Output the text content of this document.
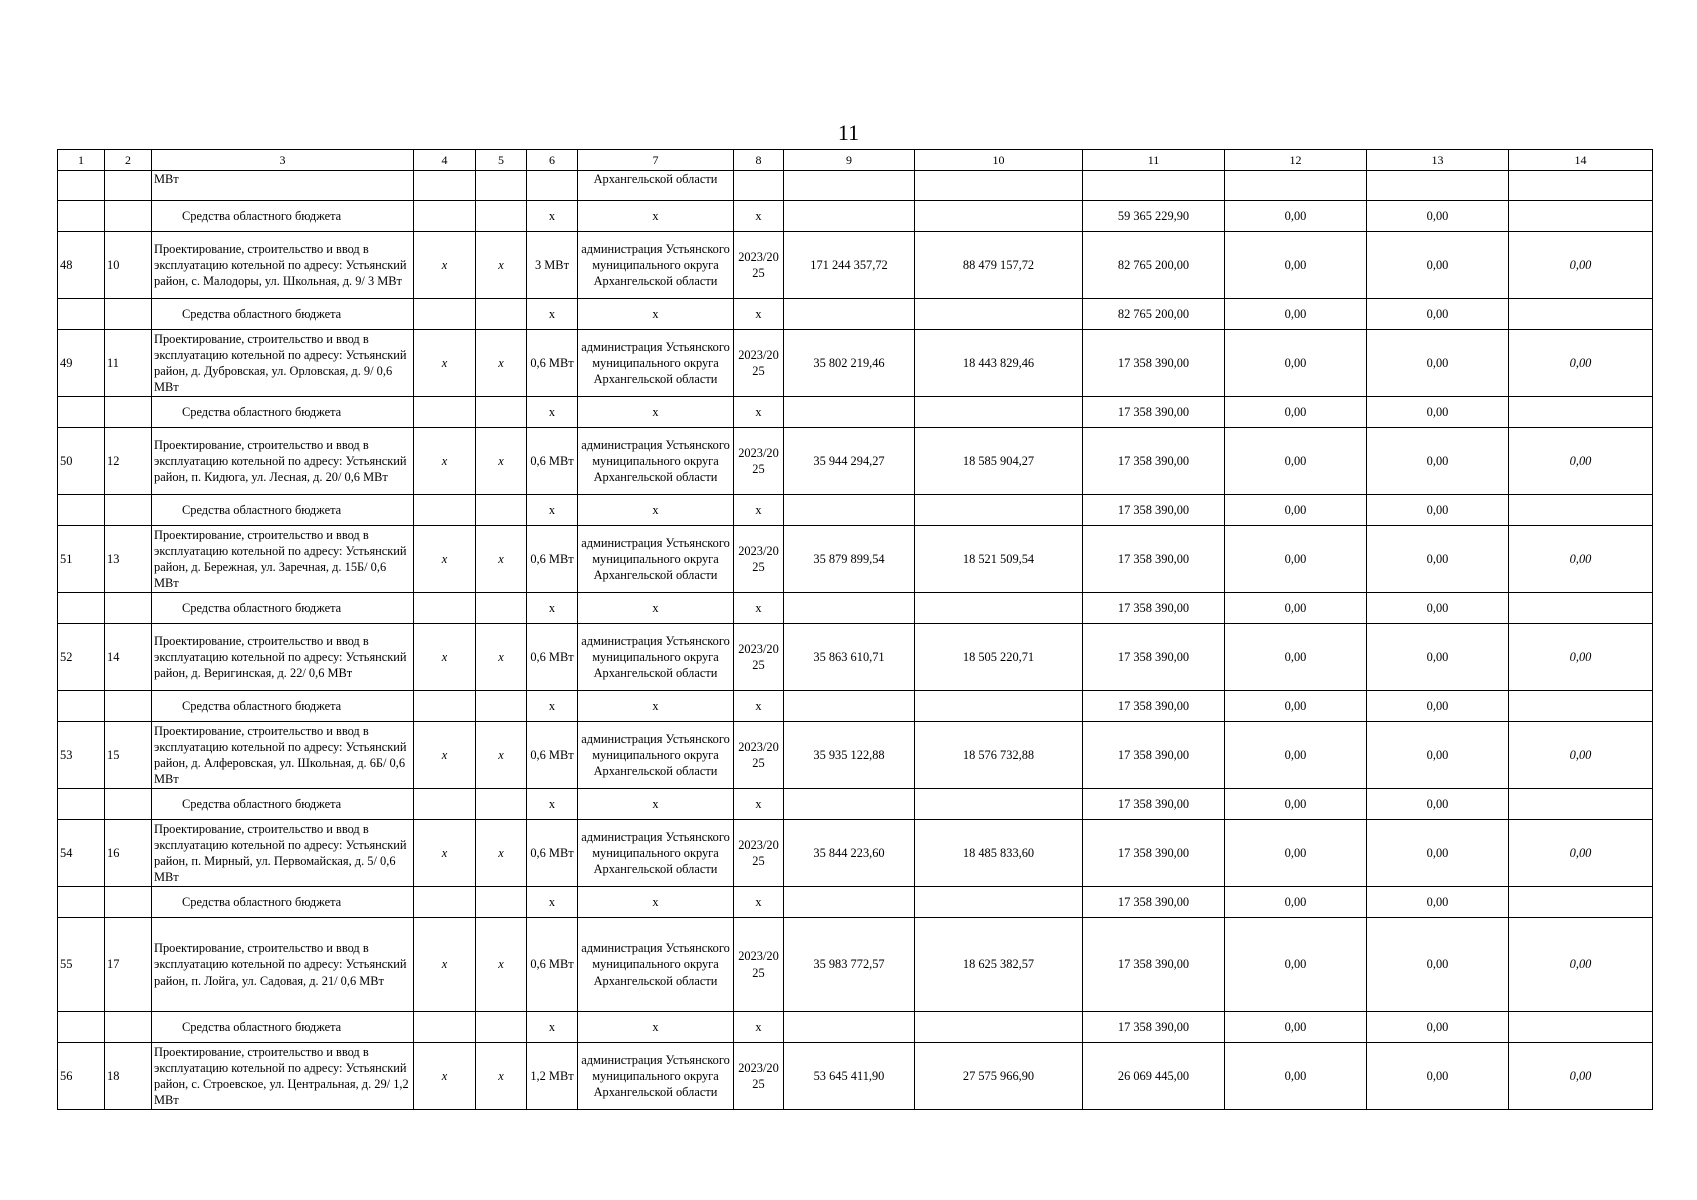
11
1	2	3	4	5	6	7	8	9	10	11	12	13	14
		МВт				Архангельской области							
		Средства областного бюджета			х	х	х			59 365 229,90	0,00	0,00	
48	10	Проектирование, строительство и ввод в эксплуатацию котельной по адресу: Устьянский район, с. Малодоры, ул. Школьная, д. 9/ 3 МВт	х	х	3 МВт	администрация Устьянского муниципального округа Архангельской области	2023/20 25	171 244 357,72	88 479 157,72	82 765 200,00	0,00	0,00	0,00
		Средства областного бюджета			х	х	х			82 765 200,00	0,00	0,00	
49	11	Проектирование, строительство и ввод в эксплуатацию котельной по адресу: Устьянский район, д. Дубровская, ул. Орловская, д. 9/ 0,6 МВт	х	х	0,6 МВт	администрация Устьянского муниципального округа Архангельской области	2023/20 25	35 802 219,46	18 443 829,46	17 358 390,00	0,00	0,00	0,00
		Средства областного бюджета			х	х	х			17 358 390,00	0,00	0,00	
50	12	Проектирование, строительство и ввод в эксплуатацию котельной по адресу: Устьянский район, п. Кидюга, ул. Лесная, д. 20/ 0,6 МВт	х	х	0,6 МВт	администрация Устьянского муниципального округа Архангельской области	2023/20 25	35 944 294,27	18 585 904,27	17 358 390,00	0,00	0,00	0,00
		Средства областного бюджета			х	х	х			17 358 390,00	0,00	0,00	
51	13	Проектирование, строительство и ввод в эксплуатацию котельной по адресу: Устьянский район, д. Бережная, ул. Заречная, д. 15Б/ 0,6 МВт	х	х	0,6 МВт	администрация Устьянского муниципального округа Архангельской области	2023/20 25	35 879 899,54	18 521 509,54	17 358 390,00	0,00	0,00	0,00
		Средства областного бюджета			х	х	х			17 358 390,00	0,00	0,00	
52	14	Проектирование, строительство и ввод в эксплуатацию котельной по адресу: Устьянский район, д. Веригинская, д. 22/ 0,6 МВт	х	х	0,6 МВт	администрация Устьянского муниципального округа Архангельской области	2023/20 25	35 863 610,71	18 505 220,71	17 358 390,00	0,00	0,00	0,00
		Средства областного бюджета			х	х	х			17 358 390,00	0,00	0,00	
53	15	Проектирование, строительство и ввод в эксплуатацию котельной по адресу: Устьянский район, д. Алферовская, ул. Школьная, д. 6Б/ 0,6 МВт	х	х	0,6 МВт	администрация Устьянского муниципального округа Архангельской области	2023/20 25	35 935 122,88	18 576 732,88	17 358 390,00	0,00	0,00	0,00
		Средства областного бюджета			х	х	х			17 358 390,00	0,00	0,00	
54	16	Проектирование, строительство и ввод в эксплуатацию котельной по адресу: Устьянский район, п. Мирный, ул. Первомайская, д. 5/ 0,6 МВт	х	х	0,6 МВт	администрация Устьянского муниципального округа Архангельской области	2023/20 25	35 844 223,60	18 485 833,60	17 358 390,00	0,00	0,00	0,00
		Средства областного бюджета			х	х	х			17 358 390,00	0,00	0,00	
55	17	Проектирование, строительство и ввод в эксплуатацию котельной по адресу: Устьянский район, п. Лойга, ул. Садовая, д. 21/ 0,6 МВт	х	х	0,6 МВт	администрация Устьянского муниципального округа Архангельской области	2023/20 25	35 983 772,57	18 625 382,57	17 358 390,00	0,00	0,00	0,00
		Средства областного бюджета			х	х	х			17 358 390,00	0,00	0,00	
56	18	Проектирование, строительство и ввод в эксплуатацию котельной по адресу: Устьянский район, с. Строевское, ул. Центральная, д. 29/ 1,2 МВт	х	х	1,2 МВт	администрация Устьянского муниципального округа Архангельской области	2023/20 25	53 645 411,90	27 575 966,90	26 069 445,00	0,00	0,00	0,00
